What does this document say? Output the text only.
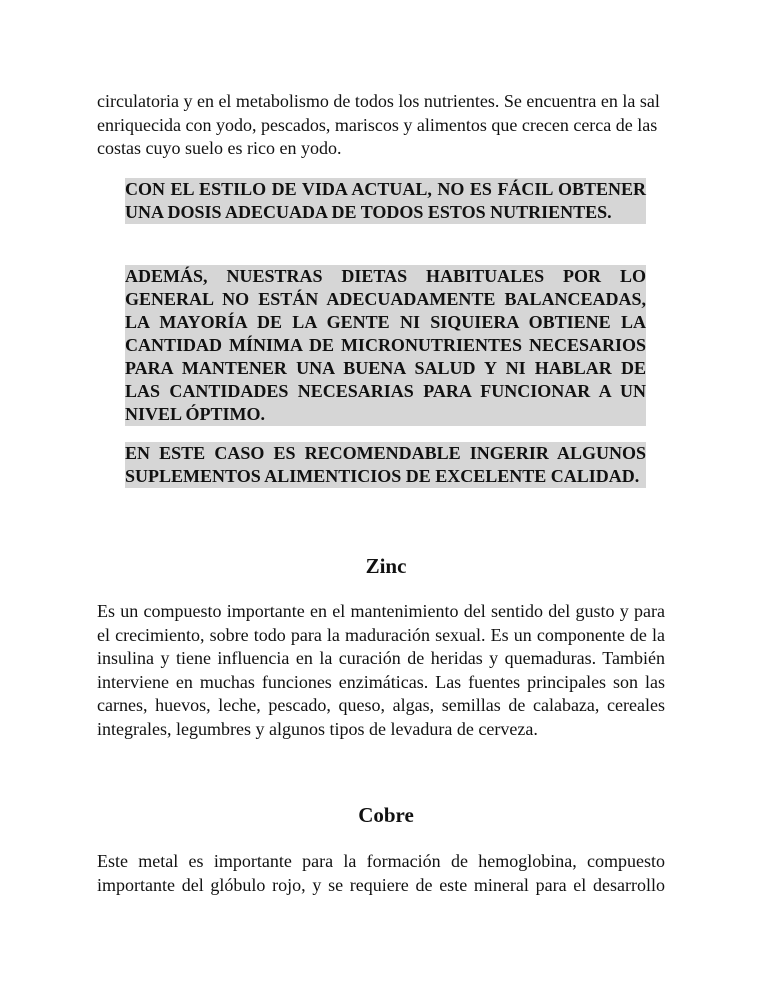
circulatoria y en el metabolismo de todos los nutrientes. Se encuentra en la sal enriquecida con yodo, pescados, mariscos y alimentos que crecen cerca de las costas cuyo suelo es rico en yodo.

CON EL ESTILO DE VIDA ACTUAL, NO ES FÁCIL OBTENER UNA DOSIS ADECUADA DE TODOS ESTOS NUTRIENTES.

ADEMÁS, NUESTRAS DIETAS HABITUALES POR LO GENERAL NO ESTÁN ADECUADAMENTE BALANCEADAS, LA MAYORÍA DE LA GENTE NI SIQUIERA OBTIENE LA CANTIDAD MÍNIMA DE MICRONUTRIENTES NECESARIOS PARA MANTENER UNA BUENA SALUD Y NI HABLAR DE LAS CANTIDADES NECESARIAS PARA FUNCIONAR A UN NIVEL ÓPTIMO.

EN ESTE CASO ES RECOMENDABLE INGERIR ALGUNOS SUPLEMENTOS ALIMENTICIOS DE EXCELENTE CALIDAD.

Zinc

Es un compuesto importante en el mantenimiento del sentido del gusto y para el crecimiento, sobre todo para la maduración sexual. Es un componente de la insulina y tiene influencia en la curación de heridas y quemaduras. También interviene en muchas funciones enzimáticas. Las fuentes principales son las carnes, huevos, leche, pescado, queso, algas, semillas de calabaza, cereales integrales, legumbres y algunos tipos de levadura de cerveza.

Cobre

Este metal es importante para la formación de hemoglobina, compuesto importante del glóbulo rojo, y se requiere de este mineral para el desarrollo
